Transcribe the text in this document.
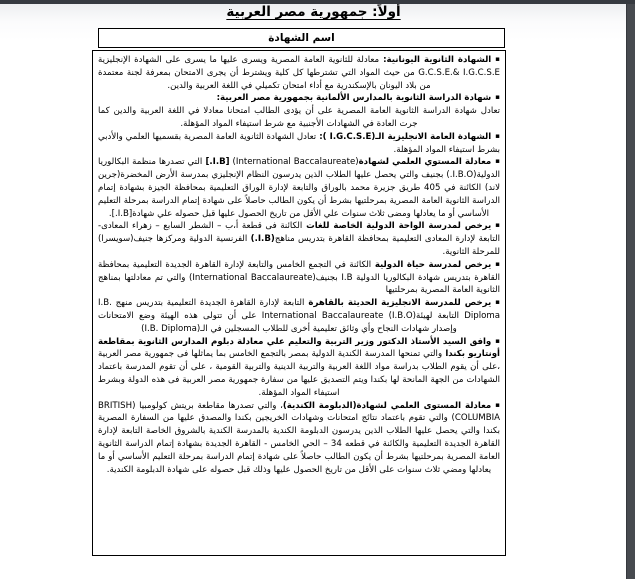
أولاً: جمهورية مصر العربية
اسم الشهادة
▪الشهادة الثانوية اليونانية: معادلة للثانوية العامة المصرية ويسرى عليها ما يسرى على الشهادة الإنجليزية G.C.S.E.& I.G.C.S.E من حيث المواد التي تشترطها كل كلية ويشترط أن يجرى الامتحان بمعرفة لجنة معتمدة من بلاد اليونان بالإسكندرية مع أداء امتحان تكميلي في اللغة العربية والدين.
▪شهادة الدراسة الثانوية بالمدارس الألمانية بجمهورية مصر العربية:
تعادل شهادة الدراسة الثانوية العامة المصرية على أن يؤدى الطالب امتحانا معادلا في اللغة العربية والدين كما جرت العادة في الشهادات الأجنبية مع شرط استيفاء المواد المؤهلة.
▪الشهادة العامة الانجليزية الـ(I.G.C.S.E ): تعادل الشهادة الثانوية العامة المصرية بقسميها العلمي والأدبي بشرط استيفاء المواد المؤهلة.
▪معادلة المستوي العلمي لشهادة(International Baccalaureate) [I.B.] التي تصدرها منظمة البكالوريا الدولية(I.B.O.) بجنيف والتي يحصل عليها الطلاب الذين يدرسون النظام الإنجليزي بمدرسة الأرض المخضرة(جرين لاند) الكائنة في 405 طريق جزيرة محمد بالوراق والتابعة لإدارة الوراق التعليمية بمحافظة الجيزة بشهادة إتمام الدراسة الثانوية العامة المصرية بمرحلتيها بشرط أن يكون الطالب حاصلاً على شهادة إتمام الدراسة بمرحلة التعليم الأساسي أو ما يعادلها ومضى ثلاث سنوات علي الأقل من تاريخ الحصول عليها قبل حصوله علي شهادة[I.B.].
▪يرخص لمدرسة الواحة الدولية الخاصة للغات الكائنة فى قطعة أ،ب – الشطر السابع – زهراء المعادى- التابعة لإدارة المعادى التعليمية بمحافظة القاهرة بتدريس مناهج(I.B.) الفرنسية الدولية ومركزها جنيف(سويسرا) للمرحلة الثانوية.
▪يرخص لمدرسة حياة الدولية الكائنة في التجمع الخامس والتابعة لإدارة القاهرة الجديدة التعليمية بمحافظة القاهرة بتدريس شهادة البكالوريا الدولية I.B بجنيف(International Baccalaureate) والتي تم معادلتها بمناهج الثانوية العامة المصرية بمرحلتيها
▪يرخص للمدرسة الانجليزية الحديثة بالقاهرة التابعة لإدارة القاهرة الجديدة التعليمية بتدريس منهج I.B. Diploma التابعة لهيئة(I.B.O) International Baccalaureate على أن تتولى هذه الهيئة وضع الامتحانات وإصدار شهادات النجاح وأي وثائق تعليمية أخرى للطلاب المسجلين في الـ(I.B. Diploma)
▪وافق السيد الأستاذ الدكتور وزير التربية والتعليم علي معادلة دبلوم المدارس الثانوية بمقاطعة أونتاريو بكندا والتي تمنحها المدرسة الكندية الدولية بمصر بالتجمع الخامس بما يماثلها فى جمهورية مصر العربية ،على أن يقوم الطلاب بدراسة مواد اللغة العربية والتربية الدينية والتربية القومية ، على أن تقوم المدرسة باعتماد الشهادات من الجهة المانحة لها بكندا ويتم التصديق عليها من سفارة جمهورية مصر العربية فى هذه الدولة وبشرط استيفاء المواد المؤهلة.
▪معادلة المستوى العلمي لشهادة(الدبلومة الكندية)، والتي تصدرها مقاطعة بريتش كولومبيا (BRITISH COLUMBIA) والتي تقوم باعتماد نتائج امتحانات وشهادات الخريجين بكندا والمصدق عليها من السفارة المصرية بكندا والتي يحصل عليها الطلاب الذين يدرسون الدبلومة الكندية بالمدرسة الكندية بالشروق الخاصة التابعة لإدارة القاهرة الجديدة التعليمية والكائنة في قطعه 34 – الحي الخامس - القاهرة الجديدة بشهادة إتمام الدراسة الثانوية العامة المصرية بمرحلتيها بشرط أن يكون الطالب حاصلاً على شهادة إتمام الدراسة بمرحلة التعليم الأساسي أو ما يعادلها ومضي ثلاث سنوات على الأقل من تاريخ الحصول عليها وذلك قبل حصوله على شهادة الدبلومة الكندية.
